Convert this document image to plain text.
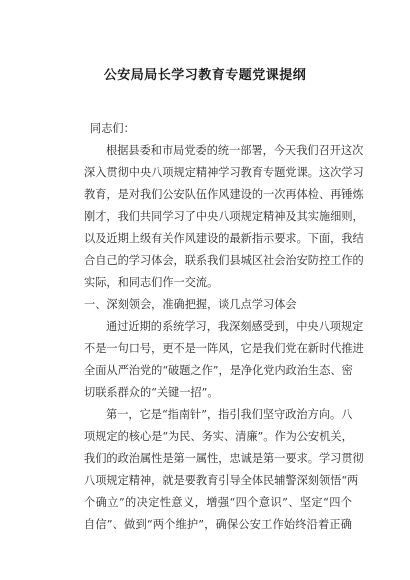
公安局局长学习教育专题党课提纲
同志们：
根据县委和市局党委的统一部署，今天我们召开这次
深入贯彻中央八项规定精神学习教育专题党课。这次学习
教育，是对我们公安队伍作风建设的一次再体检、再锤炼
刚才，我们共同学习了中央八项规定精神及其实施细则，
以及近期上级有关作风建设的最新指示要求。下面，我结
合自己的学习体会，联系我们县城区社会治安防控工作的
实际，和同志们作一交流。
一、深刻领会，准确把握，谈几点学习体会
通过近期的系统学习，我深刻感受到，中央八项规定
不是一句口号，更不是一阵风，它是我们党在新时代推进
全面从严治党的“破题之作”，是净化党内政治生态、密
切联系群众的“关键一招”。
第一，它是“指南针”，指引我们坚守政治方向。八
项规定的核心是“为民、务实、清廉”。作为公安机关，
我们的政治属性是第一属性，忠诚是第一要求。学习贯彻
八项规定精神，就是要教育引导全体民辅警深刻领悟“两
个确立”的决定性意义，增强“四个意识”、坚定“四个
自信”、做到“两个维护”，确保公安工作始终沿着正确
